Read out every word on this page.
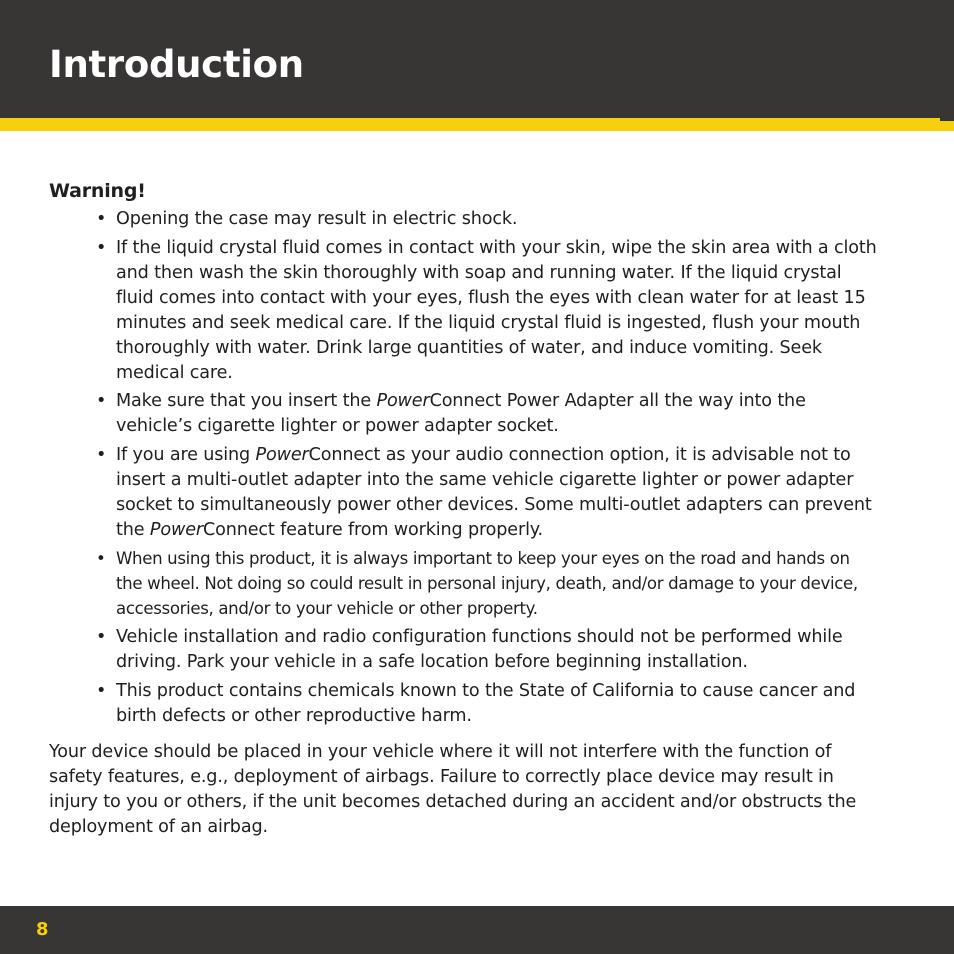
Introduction
Warning!
• Opening the case may result in electric shock.
• If the liquid crystal fluid comes in contact with your skin, wipe the skin area with a cloth and then wash the skin thoroughly with soap and running water. If the liquid crystal fluid comes into contact with your eyes, flush the eyes with clean water for at least 15 minutes and seek medical care. If the liquid crystal fluid is ingested, flush your mouth thoroughly with water. Drink large quantities of water, and induce vomiting. Seek medical care.
• Make sure that you insert the PowerConnect Power Adapter all the way into the vehicle’s cigarette lighter or power adapter socket.
• If you are using PowerConnect as your audio connection option, it is advisable not to insert a multi-outlet adapter into the same vehicle cigarette lighter or power adapter socket to simultaneously power other devices. Some multi-outlet adapters can prevent the PowerConnect feature from working properly.
• When using this product, it is always important to keep your eyes on the road and hands on the wheel. Not doing so could result in personal injury, death, and/or damage to your device, accessories, and/or to your vehicle or other property.
• Vehicle installation and radio configuration functions should not be performed while driving. Park your vehicle in a safe location before beginning installation.
• This product contains chemicals known to the State of California to cause cancer and birth defects or other reproductive harm.

Your device should be placed in your vehicle where it will not interfere with the function of safety features, e.g., deployment of airbags. Failure to correctly place device may result in injury to you or others, if the unit becomes detached during an accident and/or obstructs the deployment of an airbag.

8
